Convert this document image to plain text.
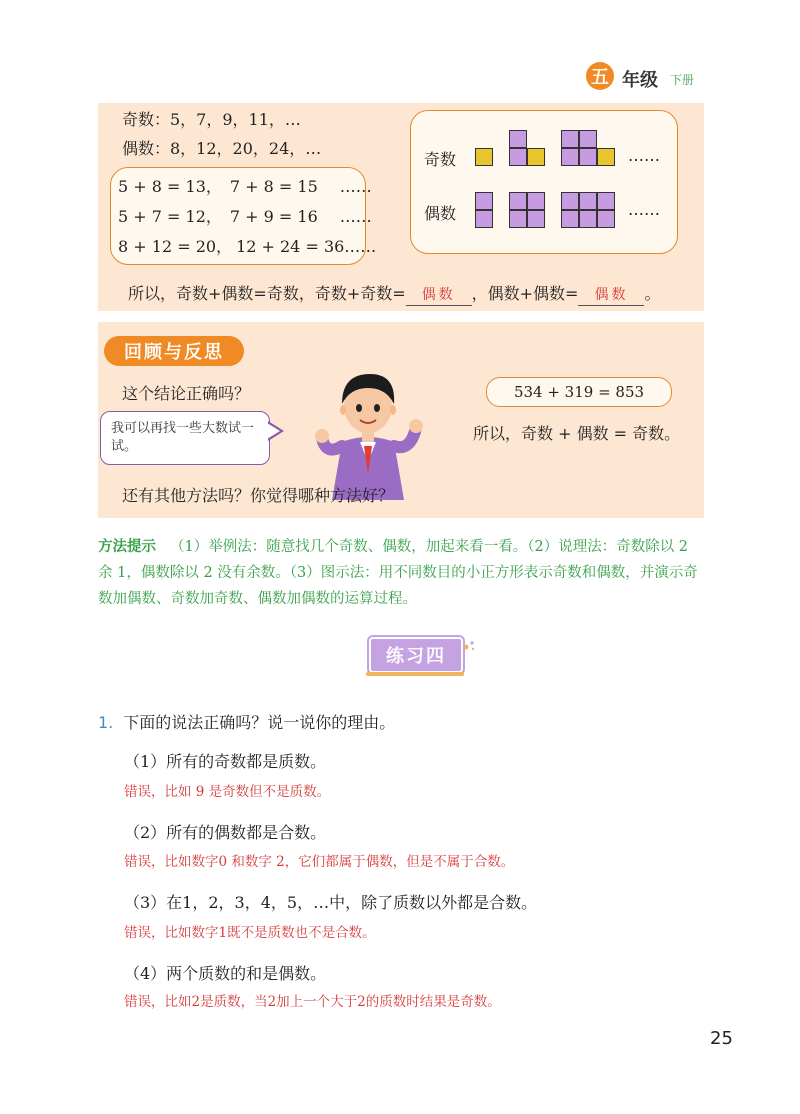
五 年级 下册
奇数：5，7，9，11，…
偶数：8，12，20，24，…
5 + 8 = 13， 7 + 8 = 15 ……
5 + 7 = 12， 7 + 9 = 16 ……
8 + 12 = 20， 12 + 24 = 36……
奇数
偶数
……
……
所以，奇数+偶数=奇数，奇数+奇数= 偶数 ，偶数+偶数= 偶数 。
回顾与反思
这个结论正确吗？
我可以再找一些大数试一试。
534 + 319 = 853
所以，奇数 + 偶数 = 奇数。
还有其他方法吗？你觉得哪种方法好？
方法提示 （1）举例法：随意找几个奇数、偶数，加起来看一看。（2）说理法：奇数除以 2 余 1，偶数除以 2 没有余数。（3）图示法：用不同数目的小正方形表示奇数和偶数，并演示奇数加偶数、奇数加奇数、偶数加偶数的运算过程。
练习四
1. 下面的说法正确吗？说一说你的理由。
（1）所有的奇数都是质数。
错误，比如 9 是奇数但不是质数。
（2）所有的偶数都是合数。
错误，比如数字0 和数字 2，它们都属于偶数，但是不属于合数。
（3）在1，2，3，4，5，…中，除了质数以外都是合数。
错误，比如数字1既不是质数也不是合数。
（4）两个质数的和是偶数。
错误，比如2是质数，当2加上一个大于2的质数时结果是奇数。
25
